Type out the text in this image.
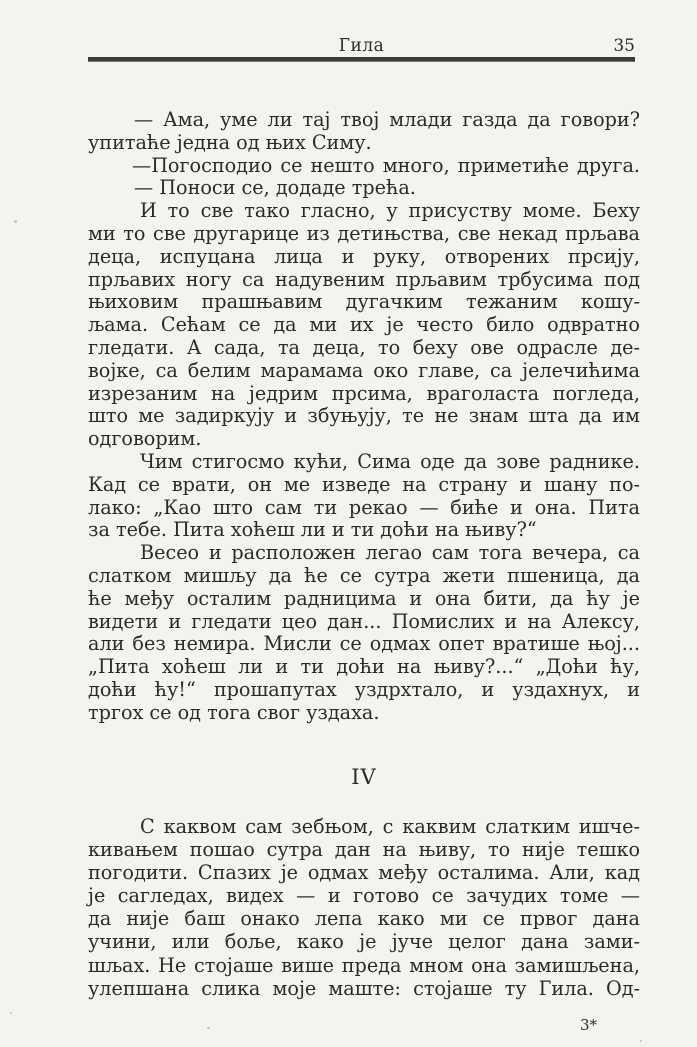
Гила	35
— Ама, уме ли тај твој млади газда да говори?
упитаће једна од њих Симу.
—Погосподио се нешто много, приметиће друга.
— Поноси се, додаде трећа.
И то све тако гласно, у присуству моме. Беху
ми то све другарице из детињства, све некад прљава
деца, испуцана лица и руку, отворених прсију,
прљавих ногу са надувеним прљавим трбусима под
њиховим прашњавим дугачким тежаним кошу-
љама. Сећам се да ми их је често било одвратно
гледати. А сада, та деца, то беху ове одрасле де-
војке, са белим марамама око главе, са јелечићима
изрезаним на једрим прсима, враголаста погледа,
што ме задиркују и збуњују, те не знам шта да им
одговорим.
Чим стигосмо кући, Сима оде да зове раднике.
Кад се врати, он ме изведе на страну и шану по-
лако: „Као што сам ти рекао — биће и она. Пита
за тебе. Пита хоћеш ли и ти доћи на њиву?“
Весео и расположен легао сам тога вечера, са
слатком мишљу да ће се сутра жети пшеница, да
ће међу осталим радницима и она бити, да ћу је
видети и гледати цео дан... Помислих и на Алексу,
али без немира. Мисли се одмах опет вратише њој...
„Пита хоћеш ли и ти доћи на њиву?...“ „Доћи ћу,
доћи ћу!“ прошапутах уздрхтало, и уздахнух, и
тргох се од тога свог уздаха.
IV
С каквом сам зебњом, с каквим слатким ишче-
кивањем пошао сутра дан на њиву, то није тешко
погодити. Спазих је одмах међу осталима. Али, кад
је сагледах, видех — и готово се зачудих томе —
да није баш онако лепа како ми се првог дана
учини, или боље, како је јуче целог дана зами-
шљах. Не стојаше више преда мном она замишљена,
улепшана слика моје маште: стојаше ту Гила. Од-
3*
